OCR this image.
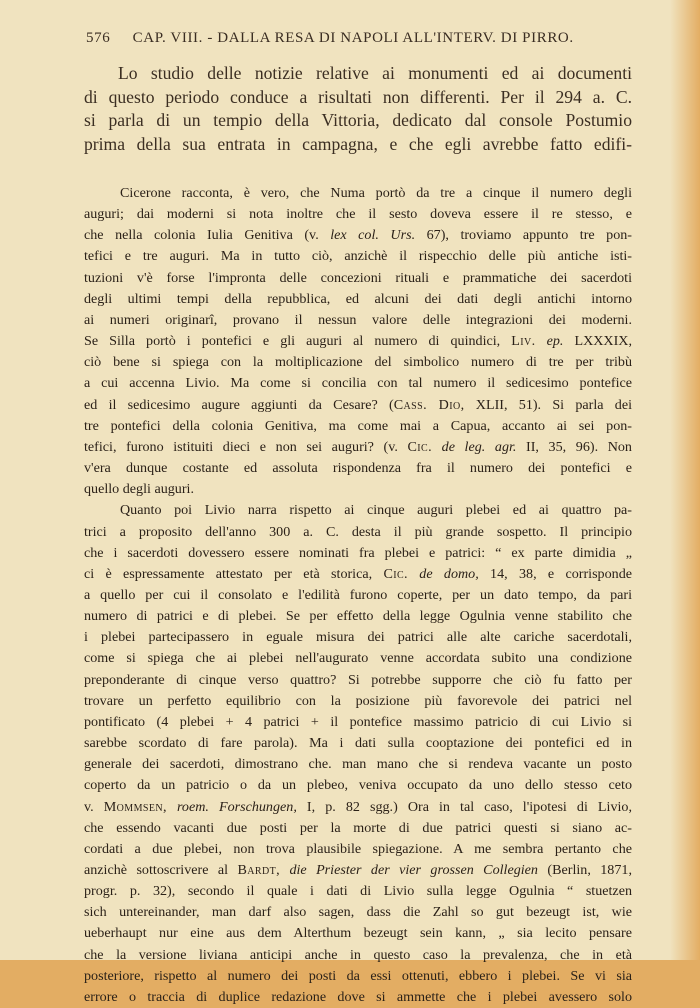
576 CAP. VIII. - DALLA RESA DI NAPOLI ALL'INTERV. DI PIRRO.
Lo studio delle notizie relative ai monumenti ed ai documenti
di questo periodo conduce a risultati non differenti. Per il 294 a. C.
si parla di un tempio della Vittoria, dedicato dal console Postumio
prima della sua entrata in campagna, e che egli avrebbe fatto edifi-
Cicerone racconta, è vero, che Numa portò da tre a cinque il numero degli
auguri; dai moderni si nota inoltre che il sesto doveva essere il re stesso, e
che nella colonia Iulia Genitiva (v. lex col. Urs. 67), troviamo appunto tre pon-
tefici e tre auguri. Ma in tutto ciò, anzichè il rispecchio delle più antiche isti-
tuzioni v'è forse l'impronta delle concezioni rituali e prammatiche dei sacerdoti
degli ultimi tempi della repubblica, ed alcuni dei dati degli antichi intorno
ai numeri originarî, provano il nessun valore delle integrazioni dei moderni.
Se Silla portò i pontefici e gli auguri al numero di quindici, Liv. ep. LXXXIX,
ciò bene si spiega con la moltiplicazione del simbolico numero di tre per tribù
a cui accenna Livio. Ma come si concilia con tal numero il sedicesimo pontefice
ed il sedicesimo augure aggiunti da Cesare? (Cass. Dio, XLII, 51). Si parla dei
tre pontefici della colonia Genitiva, ma come mai a Capua, accanto ai sei pon-
tefici, furono istituiti dieci e non sei auguri? (v. Cic. de leg. agr. II, 35, 96). Non
v'era dunque costante ed assoluta rispondenza fra il numero dei pontefici e
quello degli auguri.
Quanto poi Livio narra rispetto ai cinque auguri plebei ed ai quattro pa-
trici a proposito dell'anno 300 a. C. desta il più grande sospetto. Il principio
che i sacerdoti dovessero essere nominati fra plebei e patrici: “ ex parte dimidia „
ci è espressamente attestato per età storica, Cic. de domo, 14, 38, e corrisponde
a quello per cui il consolato e l'edilità furono coperte, per un dato tempo, da pari
numero di patrici e di plebei. Se per effetto della legge Ogulnia venne stabilito che
i plebei partecipassero in eguale misura dei patrici alle alte cariche sacerdotali,
come si spiega che ai plebei nell'augurato venne accordata subito una condizione
preponderante di cinque verso quattro? Si potrebbe supporre che ciò fu fatto per
trovare un perfetto equilibrio con la posizione più favorevole dei patrici nel
pontificato (4 plebei + 4 patrici + il pontefice massimo patricio di cui Livio si
sarebbe scordato di fare parola). Ma i dati sulla cooptazione dei pontefici ed in
generale dei sacerdoti, dimostrano che. man mano che si rendeva vacante un posto
coperto da un patricio o da un plebeo, veniva occupato da uno dello stesso ceto
v. Mommsen, roem. Forschungen, I, p. 82 sgg.) Ora in tal caso, l'ipotesi di Livio,
che essendo vacanti due posti per la morte di due patrici questi si siano ac-
cordati a due plebei, non trova plausibile spiegazione. A me sembra pertanto che
anzichè sottoscrivere al Bardt, die Priester der vier grossen Collegien (Berlin, 1871,
progr. p. 32), secondo il quale i dati di Livio sulla legge Ogulnia “ stuetzen
sich untereinander, man darf also sagen, dass die Zahl so gut bezeugt ist, wie
ueberhaupt nur eine aus dem Alterthum bezeugt sein kann, „ sia lecito pensare
che la versione liviana anticipi anche in questo caso la prevalenza, che in età
posteriore, rispetto al numero dei posti da essi ottenuti, ebbero i plebei. Se vi sia
errore o traccia di duplice redazione dove si ammette che i plebei avessero solo
